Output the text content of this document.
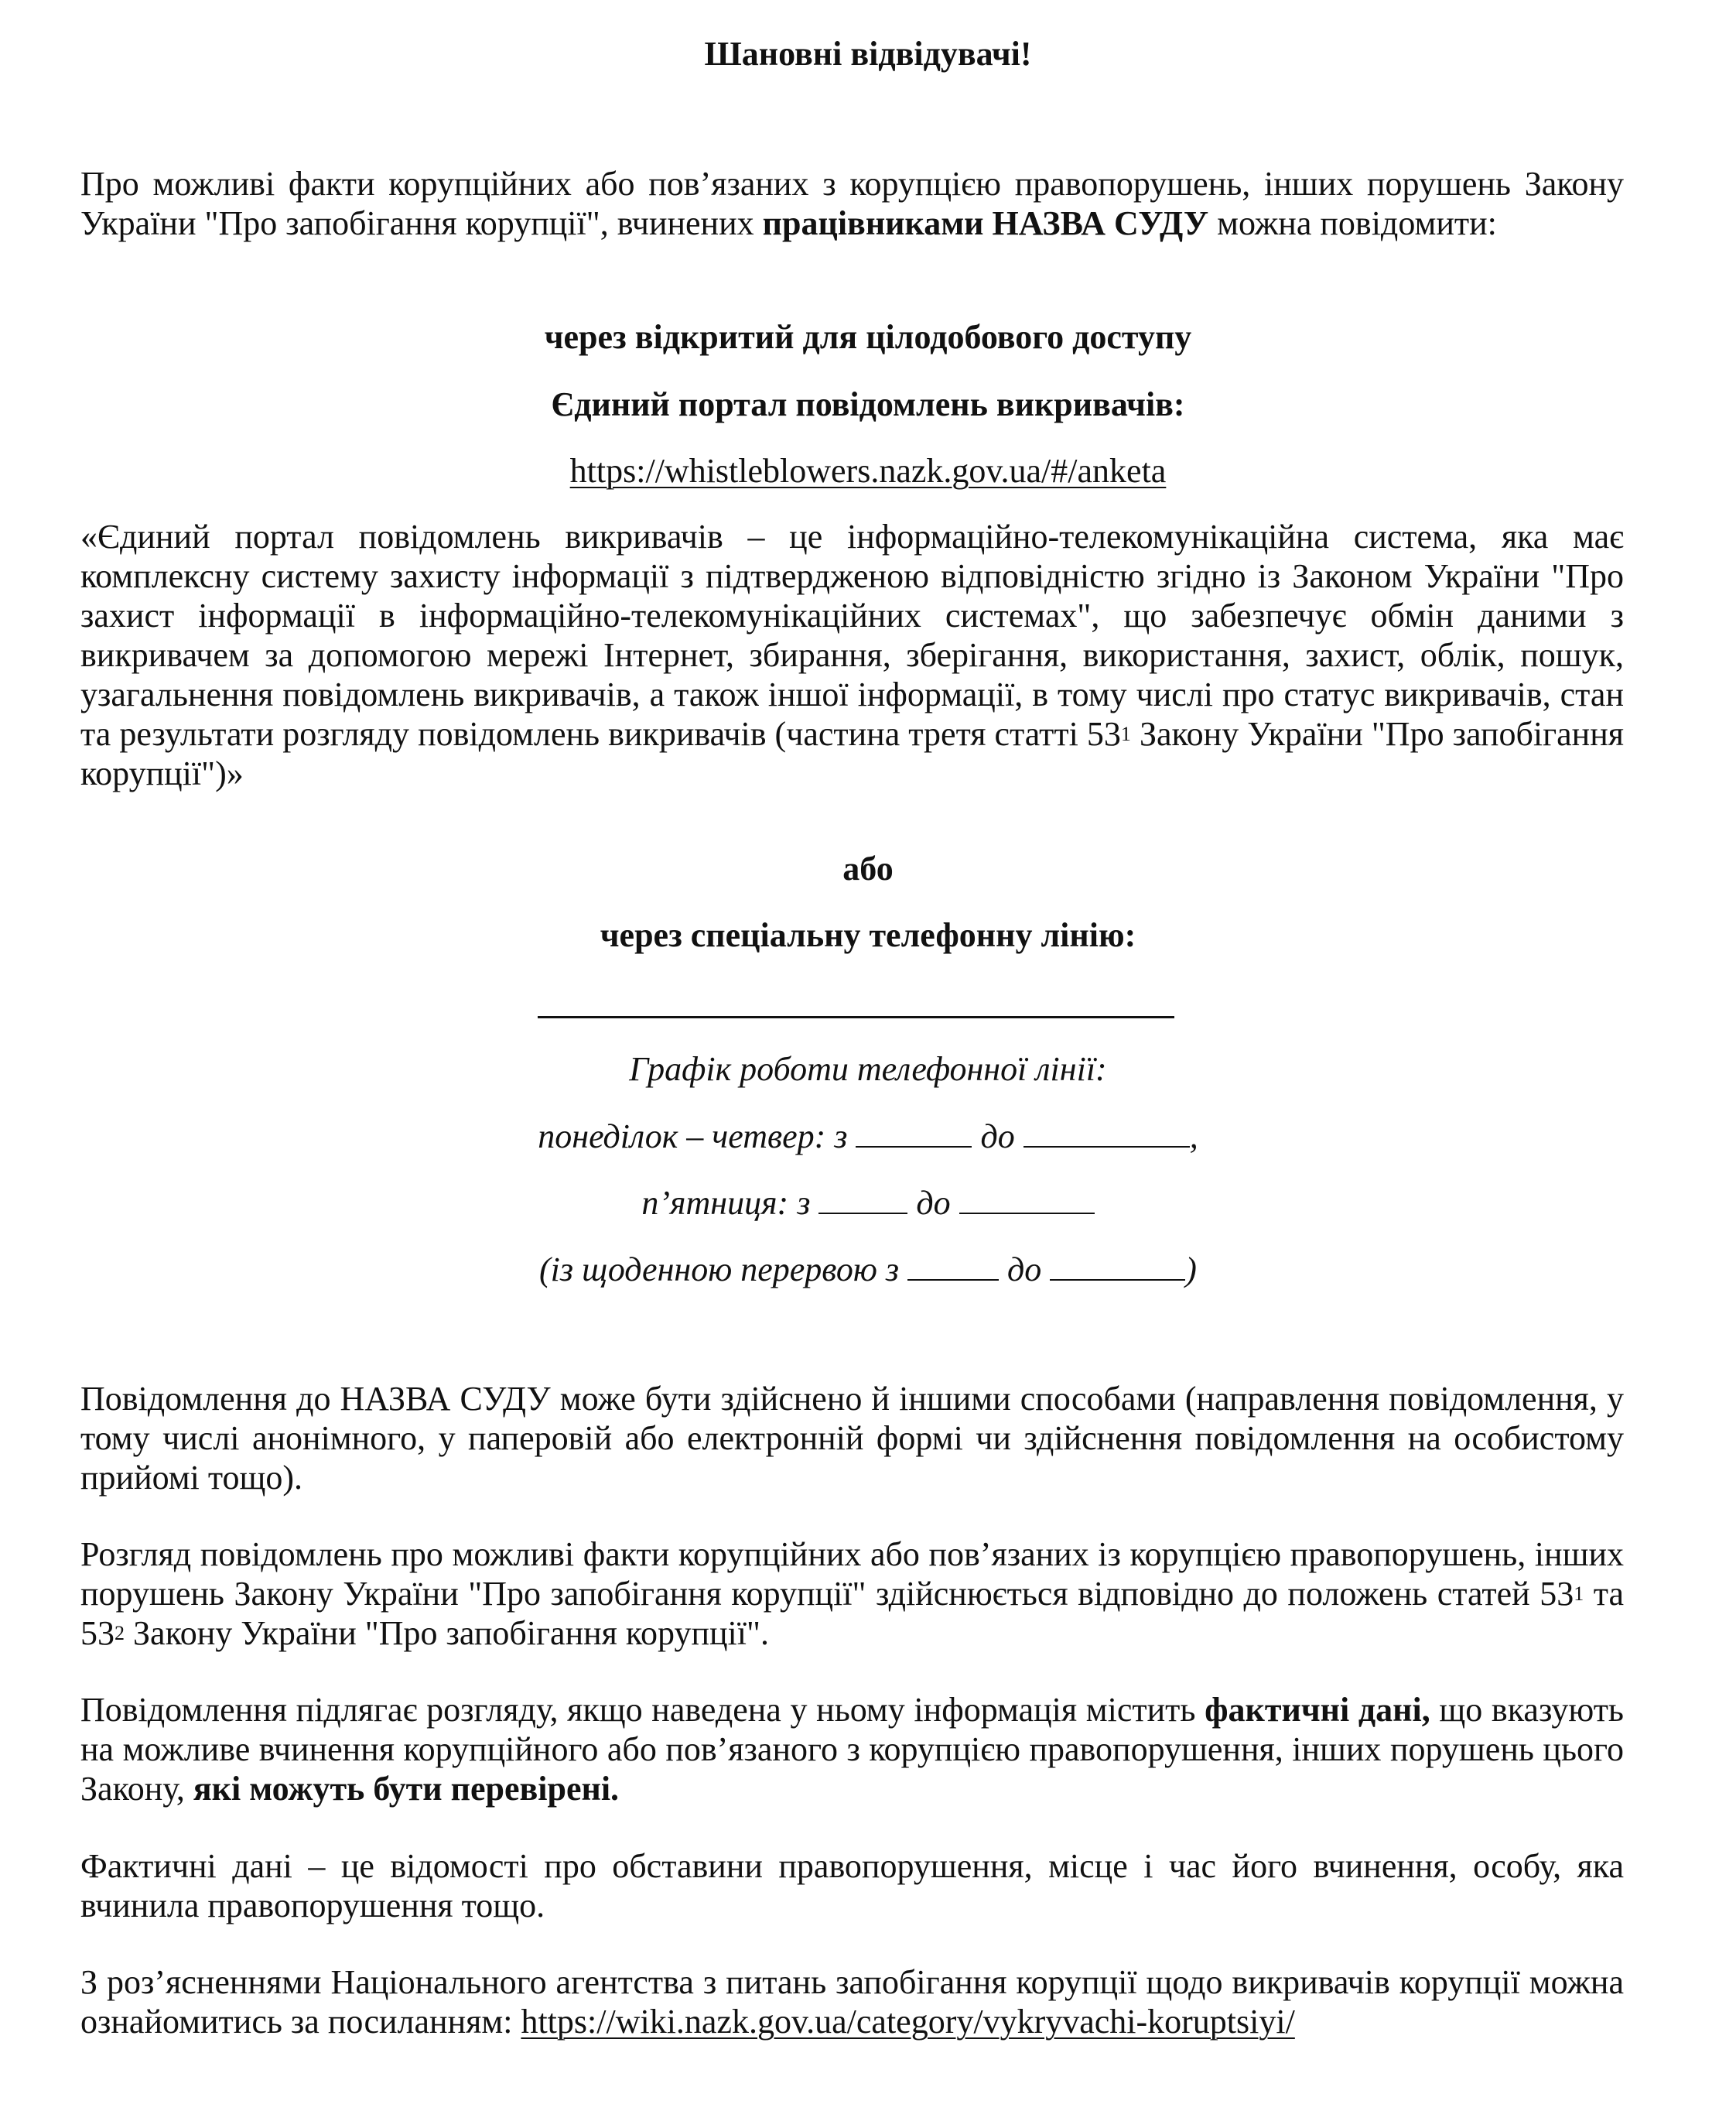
Шановні відвідувачі!
Про можливі факти корупційних або пов’язаних з корупцією правопорушень, інших порушень Закону України "Про запобігання корупції", вчинених працівниками НАЗВА СУДУ можна повідомити:
через відкритий для цілодобового доступу
Єдиний портал повідомлень викривачів:
https://whistleblowers.nazk.gov.ua/#/anketa
«Єдиний портал повідомлень викривачів – це інформаційно-телекомунікаційна система, яка має комплексну систему захисту інформації з підтвердженою відповідністю згідно із Законом України "Про захист інформації в інформаційно-телекомунікаційних системах", що забезпечує обмін даними з викривачем за допомогою мережі Інтернет, збирання, зберігання, використання, захист, облік, пошук, узагальнення повідомлень викривачів, а також іншої інформації, в тому числі про статус викривачів, стан та результати розгляду повідомлень викривачів (частина третя статті $53^1$ Закону України "Про запобігання корупції")»
або
через спеціальну телефонну лінію:
Графік роботи телефонної лінії:
понеділок – четвер: з	до	,
п’ятниця: з	до
(із щоденною перервою з	до	)
Повідомлення до НАЗВА СУДУ може бути здійснено й іншими способами (направлення повідомлення, у тому числі анонімного, у паперовій або електронній формі чи здійснення повідомлення на особистому прийомі тощо).
Розгляд повідомлень про можливі факти корупційних або пов’язаних із корупцією правопорушень, інших порушень Закону України "Про запобігання корупції" здійснюється відповідно до положень статей $53^1$ та $53^2$ Закону України "Про запобігання корупції".
Повідомлення підлягає розгляду, якщо наведена у ньому інформація містить фактичні дані, що вказують на можливе вчинення корупційного або пов’язаного з корупцією правопорушення, інших порушень цього Закону, які можуть бути перевірені.
Фактичні дані – це відомості про обставини правопорушення, місце і час його вчинення, особу, яка вчинила правопорушення тощо.
З роз’ясненнями Національного агентства з питань запобігання корупції щодо викривачів корупції можна ознайомитись за посиланням: https://wiki.nazk.gov.ua/category/vykryvachi-koruptsiyi/
